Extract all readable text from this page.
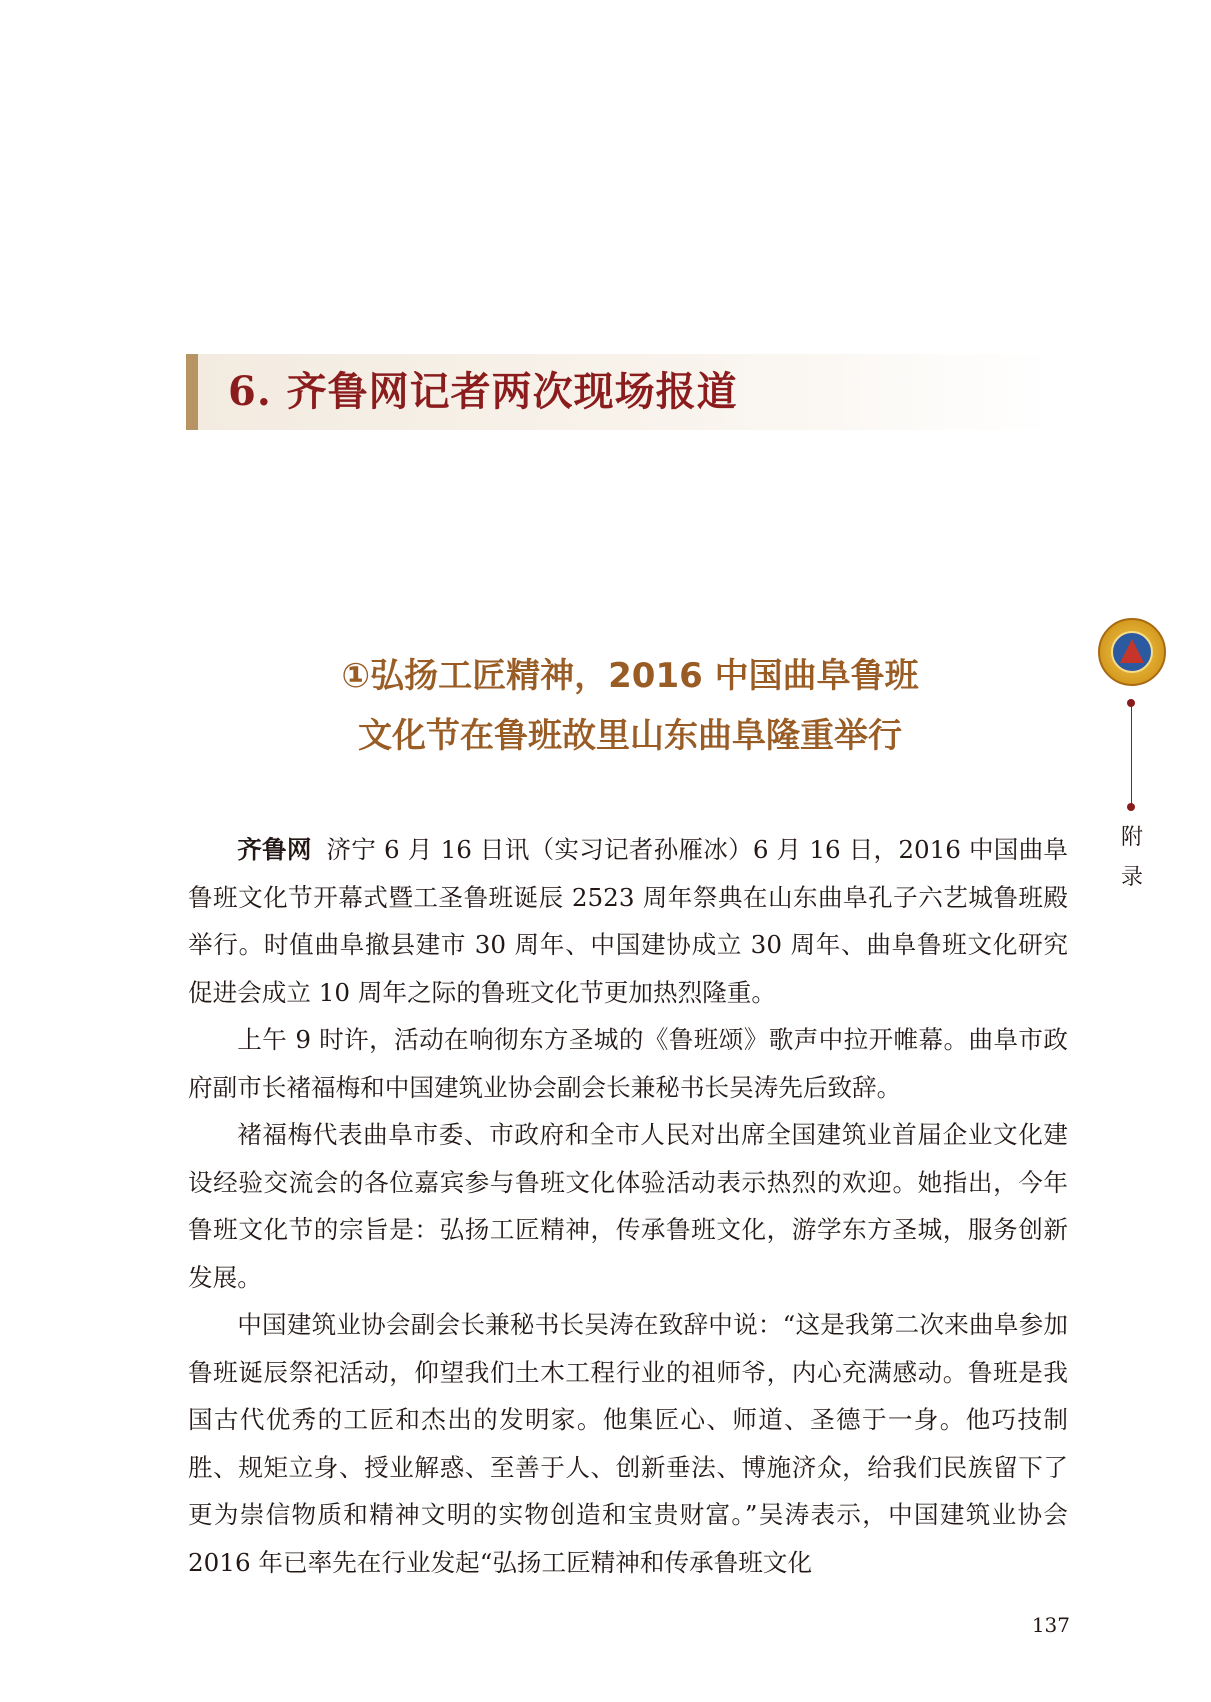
6. 齐鲁网记者两次现场报道
①弘扬工匠精神，2016 中国曲阜鲁班
文化节在鲁班故里山东曲阜隆重举行

齐鲁网 济宁 6 月 16 日讯（实习记者孙雁冰）6 月 16 日，2016 中国曲阜鲁班文化节开幕式暨工圣鲁班诞辰 2523 周年祭典在山东曲阜孔子六艺城鲁班殿举行。时值曲阜撤县建市 30 周年、中国建协成立 30 周年、曲阜鲁班文化研究促进会成立 10 周年之际的鲁班文化节更加热烈隆重。

上午 9 时许，活动在响彻东方圣城的《鲁班颂》歌声中拉开帷幕。曲阜市政府副市长褚福梅和中国建筑业协会副会长兼秘书长吴涛先后致辞。

褚福梅代表曲阜市委、市政府和全市人民对出席全国建筑业首届企业文化建设经验交流会的各位嘉宾参与鲁班文化体验活动表示热烈的欢迎。她指出，今年鲁班文化节的宗旨是：弘扬工匠精神，传承鲁班文化，游学东方圣城，服务创新发展。

中国建筑业协会副会长兼秘书长吴涛在致辞中说：“这是我第二次来曲阜参加鲁班诞辰祭祀活动，仰望我们土木工程行业的祖师爷，内心充满感动。鲁班是我国古代优秀的工匠和杰出的发明家。他集匠心、师道、圣德于一身。他巧技制胜、规矩立身、授业解惑、至善于人、创新垂法、博施济众，给我们民族留下了更为崇信物质和精神文明的实物创造和宝贵财富。”吴涛表示，中国建筑业协会 2016 年已率先在行业发起“弘扬工匠精神和传承鲁班文化

附
录
137
